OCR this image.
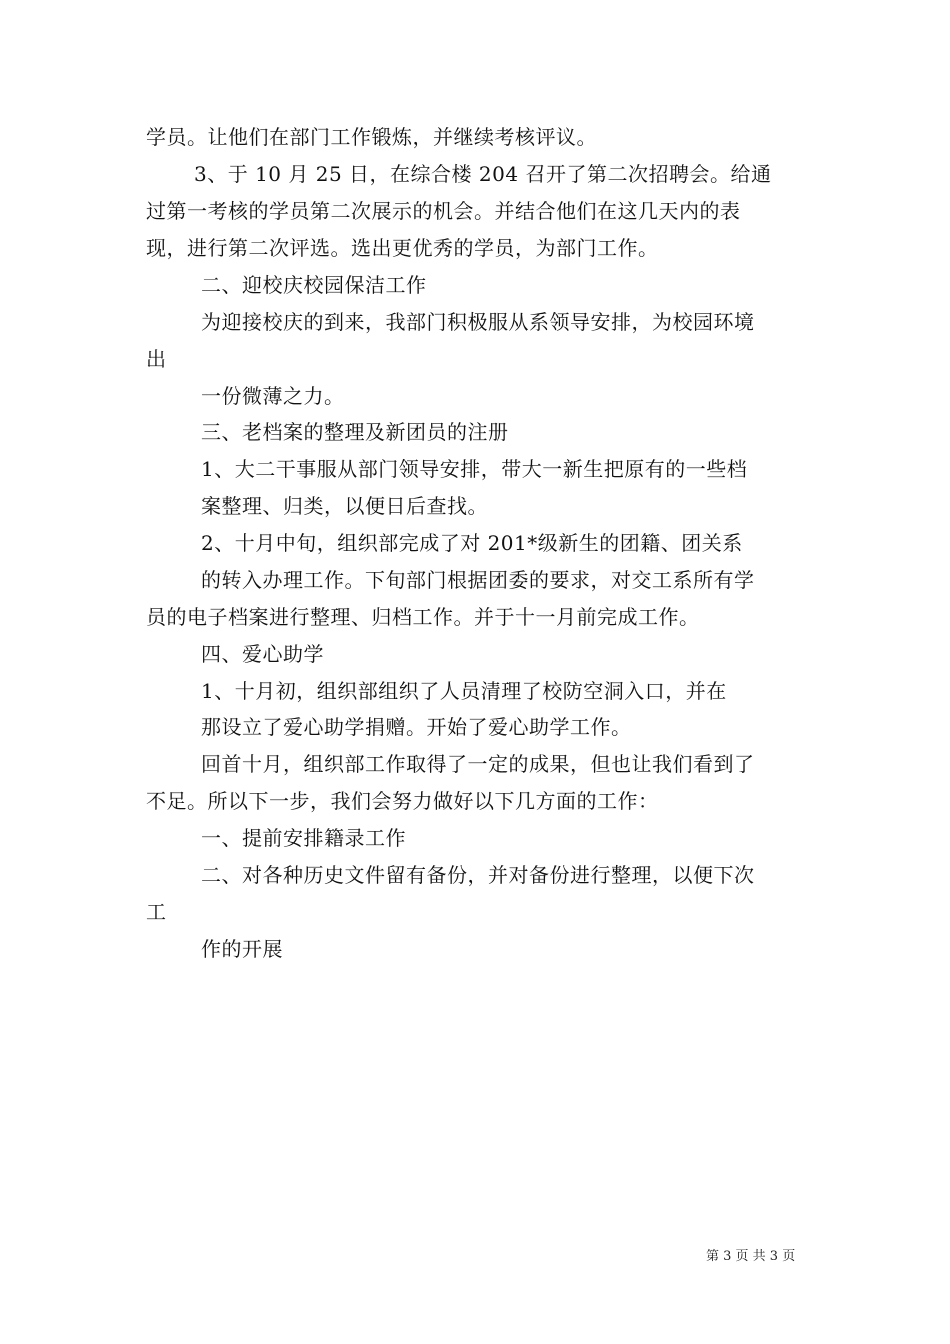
学员。让他们在部门工作锻炼，并继续考核评议。
3、于 10 月 25 日，在综合楼 204 召开了第二次招聘会。给通
过第一考核的学员第二次展示的机会。并结合他们在这几天内的表
现，进行第二次评选。选出更优秀的学员，为部门工作。
二、迎校庆校园保洁工作
为迎接校庆的到来，我部门积极服从系领导安排，为校园环境
出
一份微薄之力。
三、老档案的整理及新团员的注册
1、大二干事服从部门领导安排，带大一新生把原有的一些档
案整理、归类，以便日后查找。
2、十月中旬，组织部完成了对 201*级新生的团籍、团关系
的转入办理工作。下旬部门根据团委的要求，对交工系所有学
员的电子档案进行整理、归档工作。并于十一月前完成工作。
四、爱心助学
1、十月初，组织部组织了人员清理了校防空洞入口，并在
那设立了爱心助学捐赠。开始了爱心助学工作。
回首十月，组织部工作取得了一定的成果，但也让我们看到了
不足。所以下一步，我们会努力做好以下几方面的工作：
一、提前安排籍录工作
二、对各种历史文件留有备份，并对备份进行整理，以便下次
工
作的开展
第 3 页 共 3 页
